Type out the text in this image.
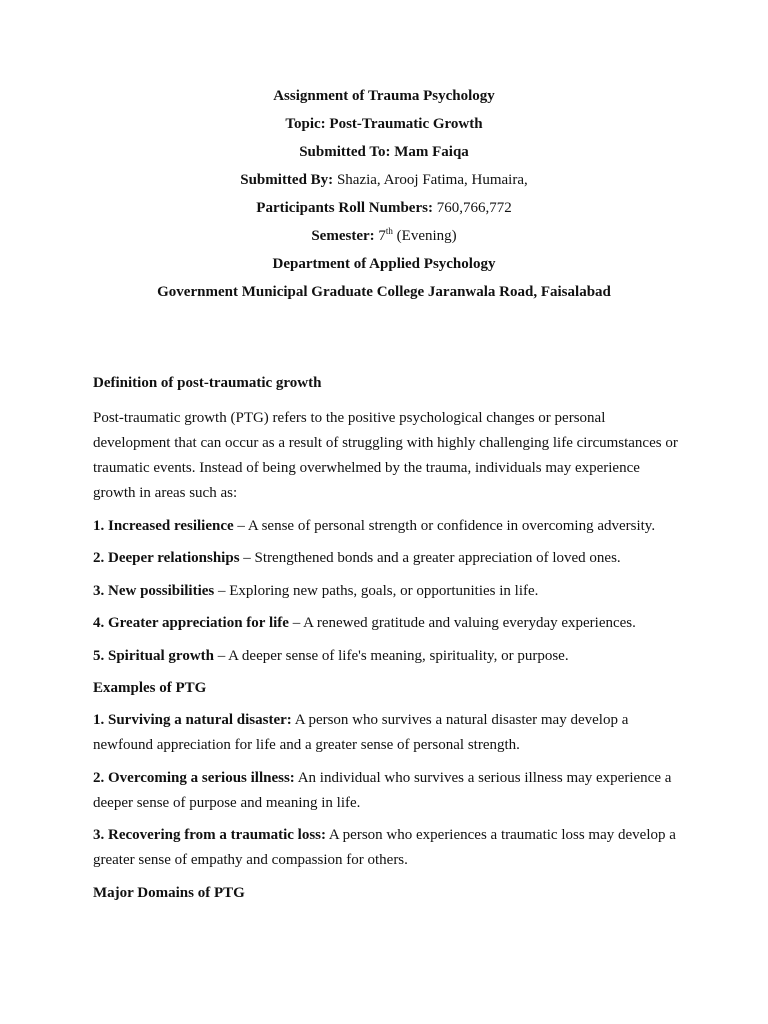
Assignment of Trauma Psychology
Topic: Post-Traumatic Growth
Submitted To: Mam Faiqa
Submitted By: Shazia, Arooj Fatima, Humaira,
Participants Roll Numbers: 760,766,772
Semester: 7th (Evening)
Department of Applied Psychology
Government Municipal Graduate College Jaranwala Road, Faisalabad
Definition of post-traumatic growth
Post-traumatic growth (PTG) refers to the positive psychological changes or personal development that can occur as a result of struggling with highly challenging life circumstances or traumatic events. Instead of being overwhelmed by the trauma, individuals may experience growth in areas such as:
1. Increased resilience – A sense of personal strength or confidence in overcoming adversity.
2. Deeper relationships – Strengthened bonds and a greater appreciation of loved ones.
3. New possibilities – Exploring new paths, goals, or opportunities in life.
4. Greater appreciation for life – A renewed gratitude and valuing everyday experiences.
5. Spiritual growth – A deeper sense of life's meaning, spirituality, or purpose.
Examples of PTG
1. Surviving a natural disaster: A person who survives a natural disaster may develop a newfound appreciation for life and a greater sense of personal strength.
2. Overcoming a serious illness: An individual who survives a serious illness may experience a deeper sense of purpose and meaning in life.
3. Recovering from a traumatic loss: A person who experiences a traumatic loss may develop a greater sense of empathy and compassion for others.
Major Domains of PTG
